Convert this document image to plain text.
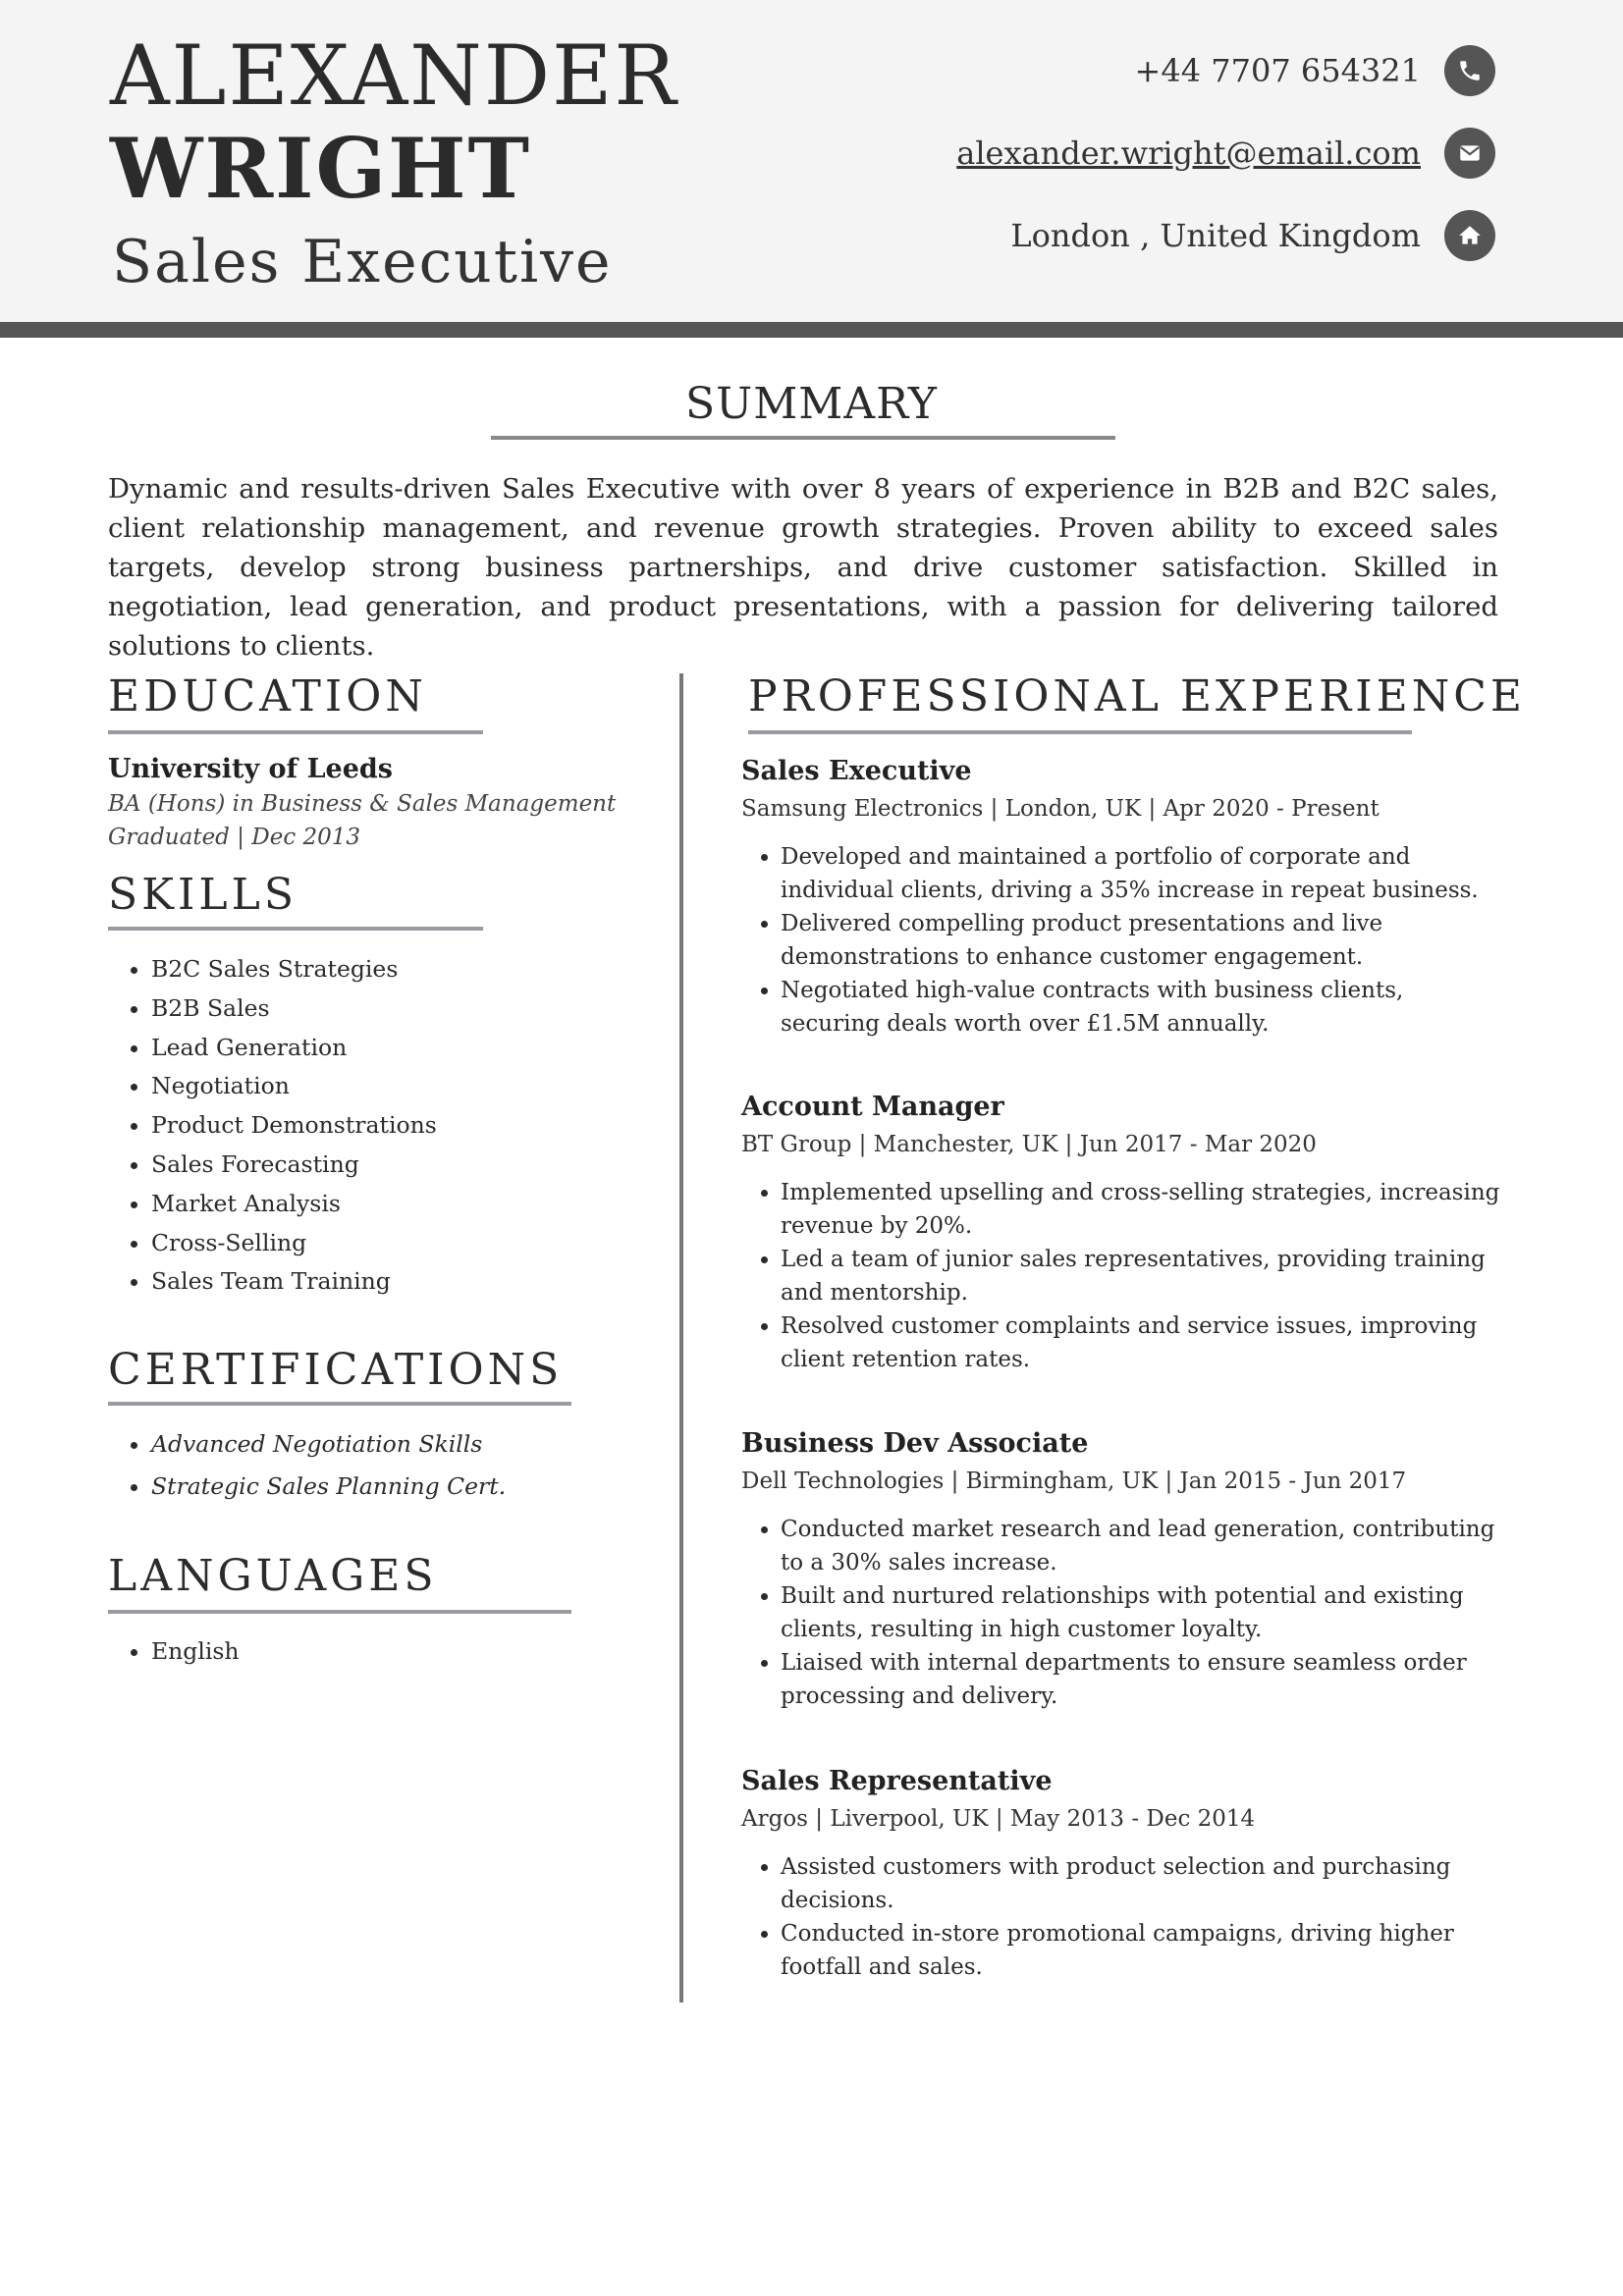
ALEXANDER
WRIGHT
Sales Executive
+44 7707 654321
alexander.wright@email.com
London , United Kingdom
SUMMARY
Dynamic and results-driven Sales Executive with over 8 years of experience in B2B and B2C sales, client relationship management, and revenue growth strategies. Proven ability to exceed sales targets, develop strong business partnerships, and drive customer satisfaction. Skilled in negotiation, lead generation, and product presentations, with a passion for delivering tailored solutions to clients.
EDUCATION
University of Leeds
BA (Hons) in Business & Sales Management
Graduated | Dec 2013
SKILLS
• B2C Sales Strategies
• B2B Sales
• Lead Generation
• Negotiation
• Product Demonstrations
• Sales Forecasting
• Market Analysis
• Cross-Selling
• Sales Team Training
CERTIFICATIONS
• Advanced Negotiation Skills
• Strategic Sales Planning Cert.
LANGUAGES
• English
PROFESSIONAL EXPERIENCE
Sales Executive
Samsung Electronics | London, UK | Apr 2020 - Present
• Developed and maintained a portfolio of corporate and individual clients, driving a 35% increase in repeat business.
• Delivered compelling product presentations and live demonstrations to enhance customer engagement.
• Negotiated high-value contracts with business clients, securing deals worth over £1.5M annually.
Account Manager
BT Group | Manchester, UK | Jun 2017 - Mar 2020
• Implemented upselling and cross-selling strategies, increasing revenue by 20%.
• Led a team of junior sales representatives, providing training and mentorship.
• Resolved customer complaints and service issues, improving client retention rates.
Business Dev Associate
Dell Technologies | Birmingham, UK | Jan 2015 - Jun 2017
• Conducted market research and lead generation, contributing to a 30% sales increase.
• Built and nurtured relationships with potential and existing clients, resulting in high customer loyalty.
• Liaised with internal departments to ensure seamless order processing and delivery.
Sales Representative
Argos | Liverpool, UK | May 2013 - Dec 2014
• Assisted customers with product selection and purchasing decisions.
• Conducted in-store promotional campaigns, driving higher footfall and sales.
